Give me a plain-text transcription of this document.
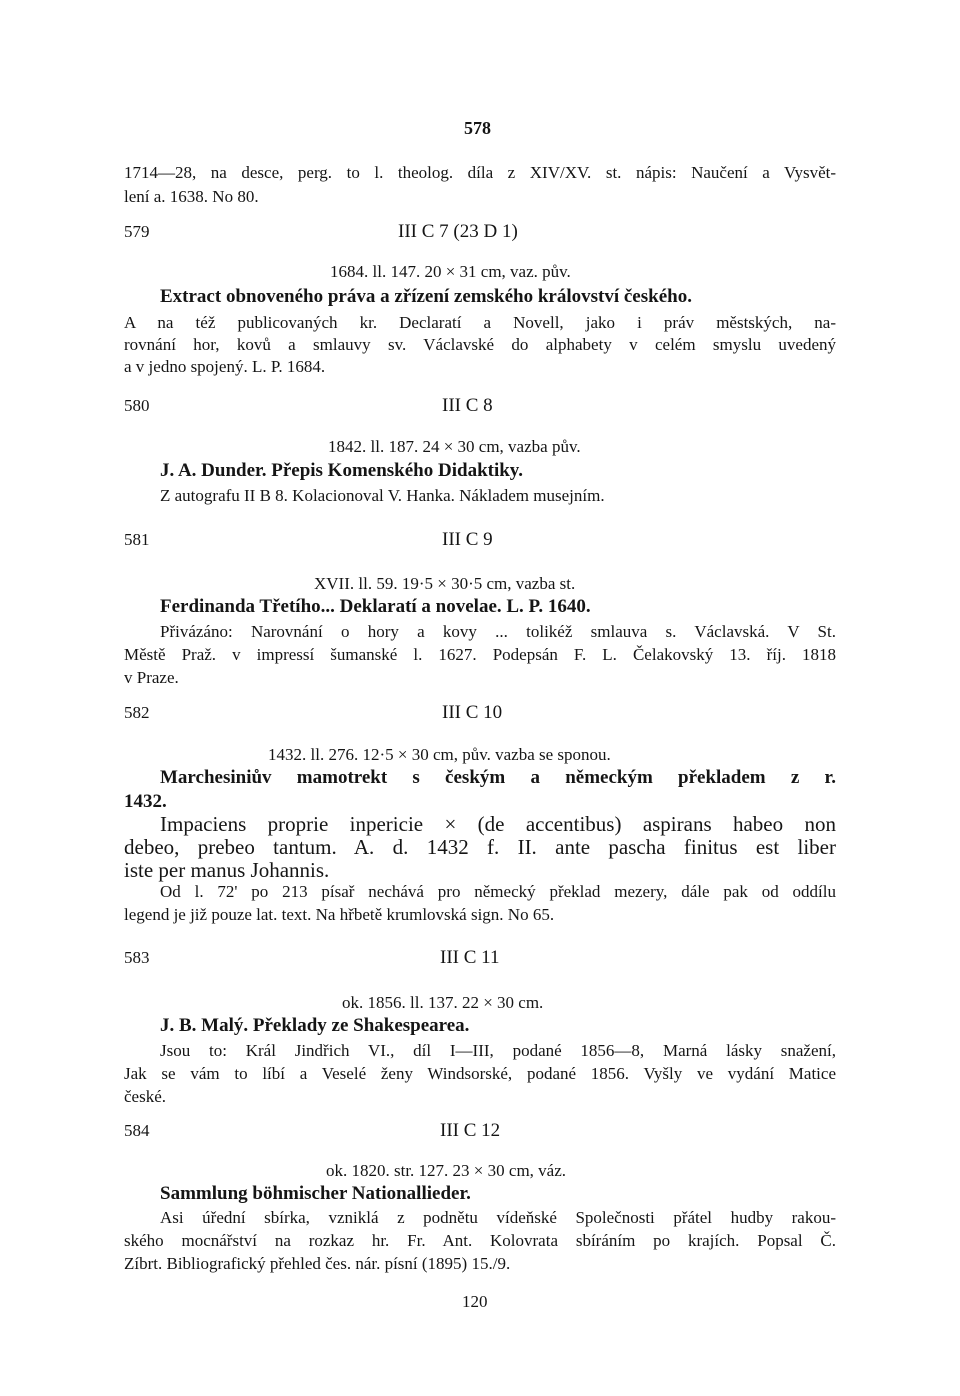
578
1714—28, na desce, perg. to l. theolog. díla z XIV/XV. st. nápis: Naučení a Vysvět-
lení a. 1638. No 80.
579	III C 7 (23 D 1)
1684. ll. 147. 20 × 31 cm, vaz. pův.
Extract obnoveného práva a zřízení zemského království českého.
A na též publicovaných kr. Declaratí a Novell, jako i práv městských, na-
rovnání hor, kovů a smlauvy sv. Václavské do alphabety v celém smyslu uvedený
a v jedno spojený. L. P. 1684.
580	III C 8
1842. ll. 187. 24 × 30 cm, vazba pův.
J. A. Dunder. Přepis Komenského Didaktiky.
Z autografu II B 8. Kolacionoval V. Hanka. Nákladem musejním.
581	III C 9
XVII. ll. 59. 19·5 × 30·5 cm, vazba st.
Ferdinanda Třetího... Deklaratí a novelae. L. P. 1640.
Přivázáno: Narovnání o hory a kovy ... tolikéž smlauva s. Václavská. V St.
Městě Praž. v impressí šumanské l. 1627. Podepsán F. L. Čelakovský 13. říj. 1818
v Praze.
582	III C 10
1432. ll. 276. 12·5 × 30 cm, pův. vazba se sponou.
Marchesiniův mamotrekt s českým a německým překladem z r.
1432.
Impaciens proprie inpericie × (de accentibus) aspirans habeo non
debeo, prebeo tantum. A. d. 1432 f. II. ante pascha finitus est liber
iste per manus Johannis.
Od l. 72' po 213 písař nechává pro německý překlad mezery, dále pak od oddílu
legend je již pouze lat. text. Na hřbetě krumlovská sign. No 65.
583	III C 11
ok. 1856. ll. 137. 22 × 30 cm.
J. B. Malý. Překlady ze Shakespearea.
Jsou to: Král Jindřich VI., díl I—III, podané 1856—8, Marná lásky snažení,
Jak se vám to líbí a Veselé ženy Windsorské, podané 1856. Vyšly ve vydání Matice
české.
584	III C 12
ok. 1820. str. 127. 23 × 30 cm, váz.
Sammlung böhmischer Nationallieder.
Asi úřední sbírka, vzniklá z podnětu vídeňské Společnosti přátel hudby rakou-
ského mocnářství na rozkaz hr. Fr. Ant. Kolovrata sbíráním po krajích. Popsal Č.
Zíbrt. Bibliografický přehled čes. nár. písní (1895) 15./9.
120
